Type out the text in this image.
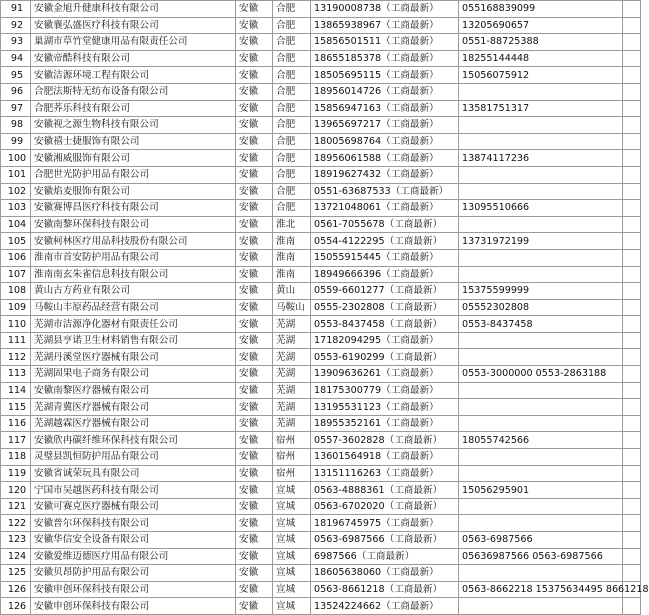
91	安徽金旭升健康科技有限公司	安徽	合肥	13190008738（工商最新）	055168839099	
92	安徽襄弘盛医疗科技有限公司	安徽	合肥	13865938967（工商最新）	13205690657	
93	巢湖市草竹堂健康用品有限责任公司	安徽	合肥	15856501511（工商最新）	0551-88725388	
94	安徽帝酷科技有限公司	安徽	合肥	18655185378（工商最新）	18255144448	
95	安徽洁源环境工程有限公司	安徽	合肥	18505695115（工商最新）	15056075912	
96	合肥法斯特无纺布设备有限公司	安徽	合肥	18956014726（工商最新）		
97	合肥荞乐科技有限公司	安徽	合肥	15856947163（工商最新）	13581751317	
98	安徽视之源生物科技有限公司	安徽	合肥	13965697217（工商最新）		
99	安徽禧士捷服饰有限公司	安徽	合肥	18005698764（工商最新）		
100	安徽湘威服饰有限公司	安徽	合肥	18956061588（工商最新）	13874117236	
101	合肥世光防护用品有限公司	安徽	合肥	18919627432（工商最新）		
102	安徽焰麦服饰有限公司	安徽	合肥	0551-63687533（工商最新）		
103	安徽赛博昌医疗科技有限公司	安徽	合肥	13721048061（工商最新）	13095510666	
104	安徽南黎环保科技有限公司	安徽	淮北	0561-7055678（工商最新）		
105	安徽柯林医疗用品科技股份有限公司	安徽	淮南	0554-4122295（工商最新）	13731972199	
106	淮南市首安防护用品有限公司	安徽	淮南	15055915445（工商最新）		
107	淮南南玄朱雀信息科技有限公司	安徽	淮南	18949666396（工商最新）		
108	黄山古方药业有限公司	安徽	黄山	0559-6601277（工商最新）	15375599999	
109	马鞍山丰原药品经营有限公司	安徽	马鞍山	0555-2302808（工商最新）	05552302808	
110	芜湖市洁源净化器材有限责任公司	安徽	芜湖	0553-8437458（工商最新）	0553-8437458	
111	芜湖县亨诺卫生材料销售有限公司	安徽	芜湖	17182094295（工商最新）		
112	芜湖丹溪堂医疗器械有限公司	安徽	芜湖	0553-6190299（工商最新）		
113	芜湖固果电子商务有限公司	安徽	芜湖	13909636261（工商最新）	0553-3000000 0553-2863188	
114	安徽南黎医疗器械有限公司	安徽	芜湖	18175300779（工商最新）		
115	芜湖青冀医疗器械有限公司	安徽	芜湖	13195531123（工商最新）		
116	芜湖越霖医疗器械有限公司	安徽	芜湖	18955352161（工商最新）		
117	安徽欣冉碳纤维环保科技有限公司	安徽	宿州	0557-3602828（工商最新）	18055742566	
118	灵璧县凯恒防护用品有限公司	安徽	宿州	13601564918（工商最新）		
119	安徽省诚荣玩具有限公司	安徽	宿州	13151116263（工商最新）		
120	宁国市吴越医药科技有限公司	安徽	宣城	0563-4888361（工商最新）	15056295901	
121	安徽可赛克医疗器械有限公司	安徽	宣城	0563-6702020（工商最新）		
122	安徽普尔环保科技有限公司	安徽	宣城	18196745975（工商最新）		
123	安徽华信安全设备有限公司	安徽	宣城	0563-6987566（工商最新）	0563-6987566	
124	安徽爱维迈德医疗用品有限公司	安徽	宣城	6987566（工商最新）	05636987566 0563-6987566	
125	安徽贝昂防护用品有限公司	安徽	宣城	18605638060（工商最新）		
126	安徽申创环保科技有限公司	安徽	宣城	0563-8661218（工商最新）	0563-8662218 15375634495 8661218	
126	安徽申创环保科技有限公司	安徽	宣城	13524224662（工商最新）		
